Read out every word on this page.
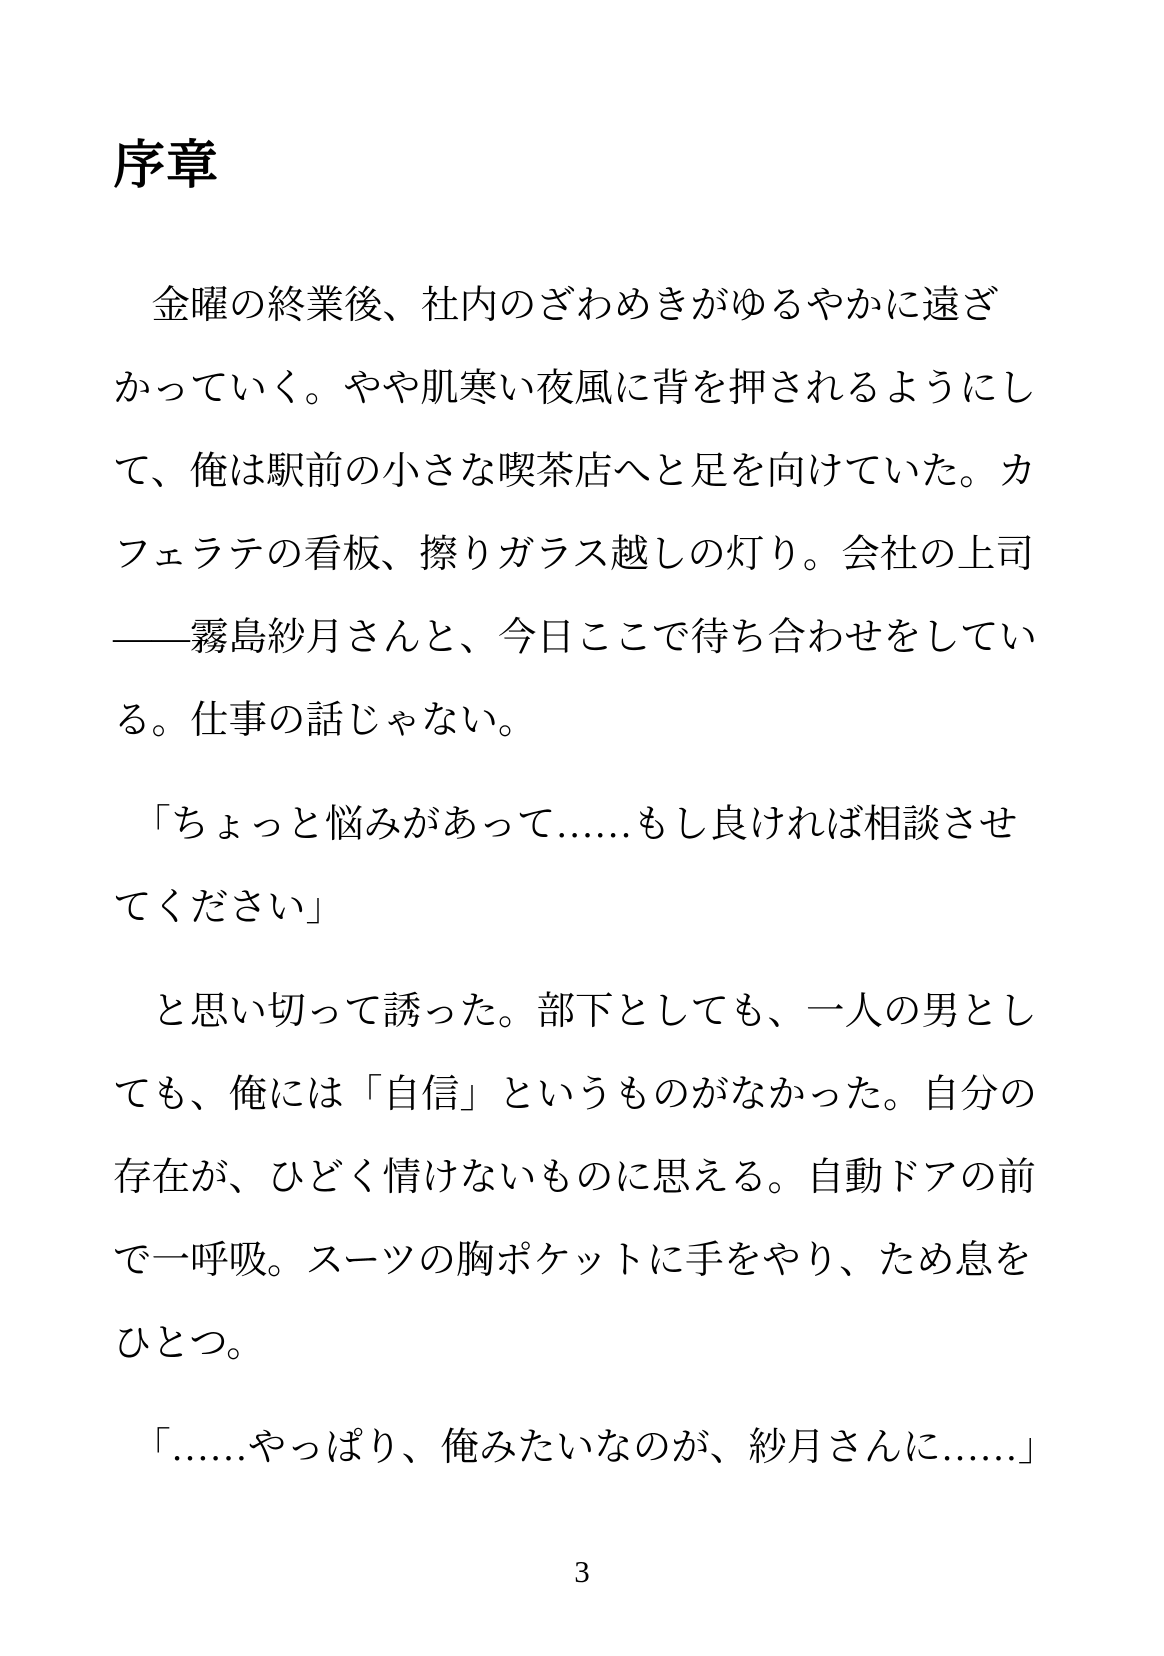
序章
　金曜の終業後、社内のざわめきがゆるやかに遠ざ
かっていく。やや肌寒い夜風に背を押されるようにし
て、俺は駅前の小さな喫茶店へと足を向けていた。カ
フェラテの看板、擦りガラス越しの灯り。会社の上司
――霧島紗月さんと、今日ここで待ち合わせをしてい
る。仕事の話じゃない。
　「ちょっと悩みがあって……もし良ければ相談させ
てください」
　と思い切って誘った。部下としても、一人の男とし
ても、俺には「自信」というものがなかった。自分の
存在が、ひどく情けないものに思える。自動ドアの前
で一呼吸。スーツの胸ポケットに手をやり、ため息を
ひとつ。
　「……やっぱり、俺みたいなのが、紗月さんに……」
3
